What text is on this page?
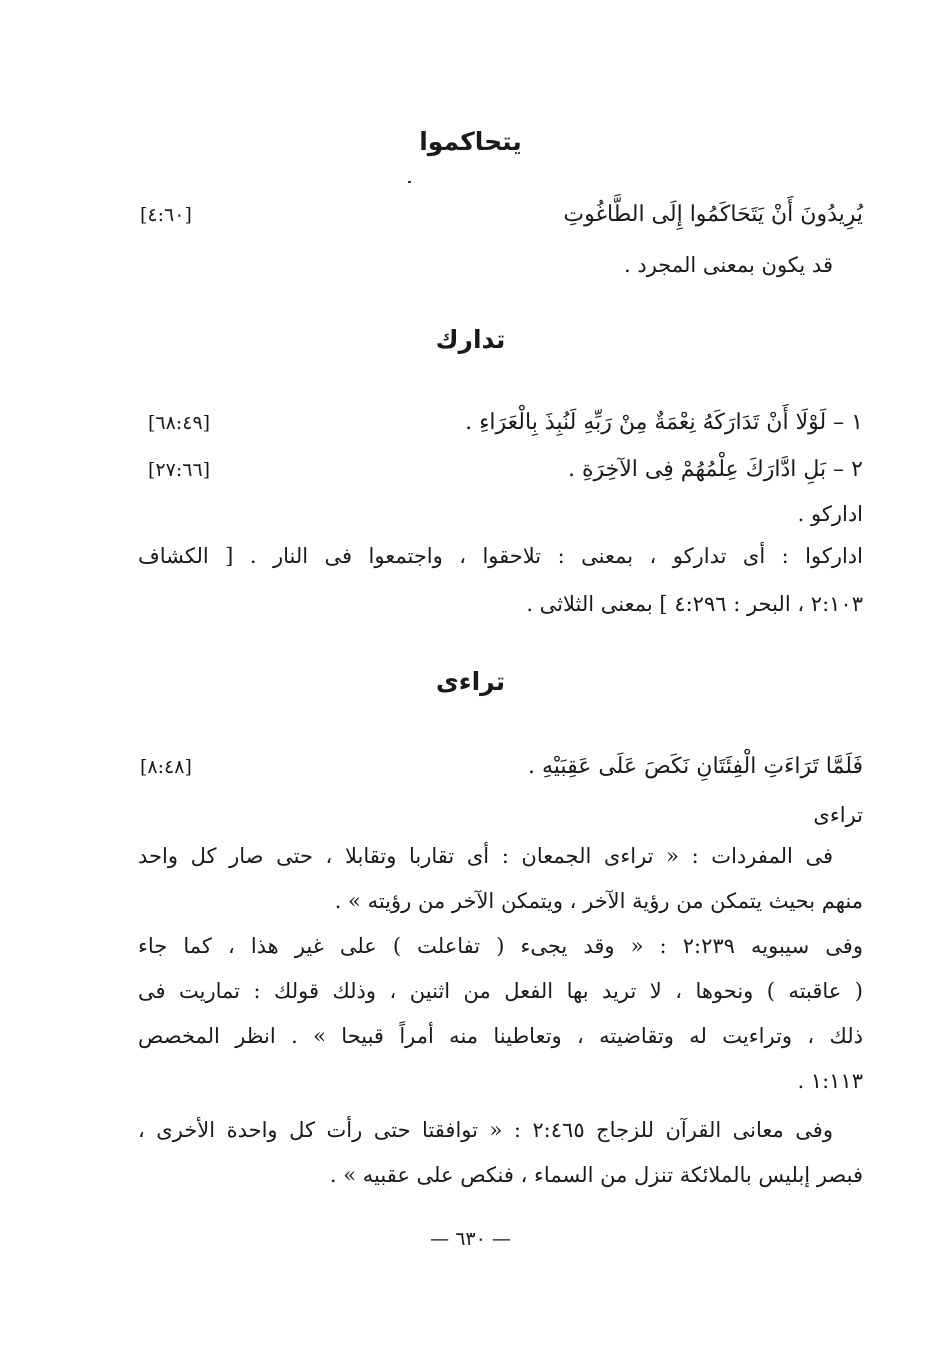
يتحاكموا
يُرِيدُونَ أَنْ يَتَحَاكَمُوا إِلَى الطَّاغُوتِ
[٤:٦٠]
قد يكون بمعنى المجرد .
تدارك
١ – لَوْلَا أَنْ تَدَارَكَهُ نِعْمَةٌ مِنْ رَبِّهِ لَنُبِذَ بِالْعَرَاءِ .
[٦٨:٤٩]
٢ – بَلِ ادَّارَكَ عِلْمُهُمْ فِى الآخِرَةِ .
[٢٧:٦٦]
اداركو .
اداركوا : أى تداركو ، بمعنى : تلاحقوا ، واجتمعوا فى النار . [ الكشاف
٢:١٠٣ ، البحر : ٤:٢٩٦ ] بمعنى الثلاثى .
تراءى
فَلَمَّا تَرَاءَتِ الْفِئَتَانِ نَكَصَ عَلَى عَقِبَيْهِ .
[٨:٤٨]
تراءى
فى المفردات : « تراءى الجمعان : أى تقاربا وتقابلا ، حتى صار كل واحد
منهم بحيث يتمكن من رؤية الآخر ، ويتمكن الآخر من رؤيته » .
وفى سيبويه ٢:٢٣٩ : « وقد يجىء ( تفاعلت ) على غير هذا ، كما جاء
( عاقبته ) ونحوها ، لا تريد بها الفعل من اثنين ، وذلك قولك : تماريت فى
ذلك ، وتراءيت له وتقاضيته ، وتعاطينا منه أمراً قبيحا » . انظر المخصص
١:١١٣ .
وفى معانى القرآن للزجاج ٢:٤٦٥ : « توافقتا حتى رأت كل واحدة الأخرى ،
فبصر إبليس بالملائكة تنزل من السماء ، فنكص على عقبيه » .
— ٦٣٠ —
